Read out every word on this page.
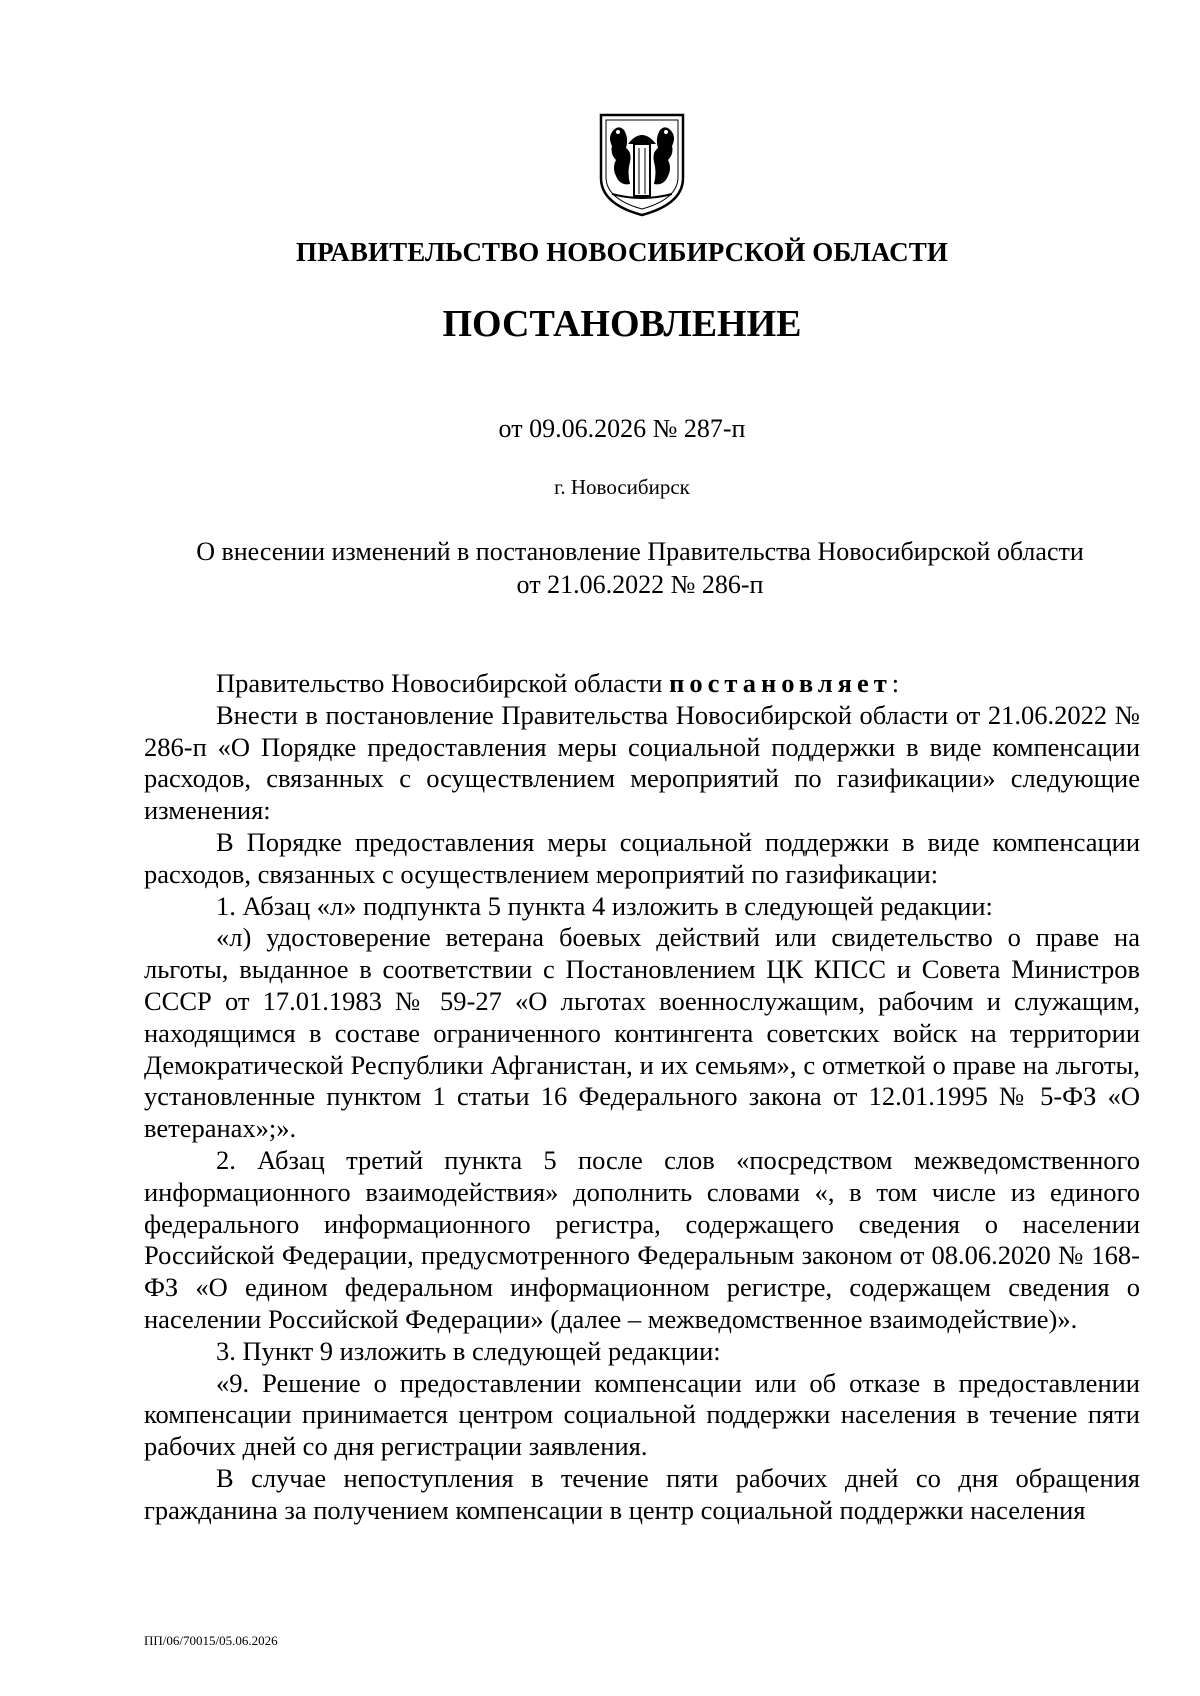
ПРАВИТЕЛЬСТВО НОВОСИБИРСКОЙ ОБЛАСТИ
ПОСТАНОВЛЕНИЕ
от 09.06.2026 № 287-п
г. Новосибирск
О внесении изменений в постановление Правительства Новосибирской области
от 21.06.2022 № 286-п

Правительство Новосибирской области постановляет:

Внести в постановление Правительства Новосибирской области от 21.06.2022 № 286-п «О Порядке предоставления меры социальной поддержки в виде компенсации расходов, связанных с осуществлением мероприятий по газификации» следующие изменения:

В Порядке предоставления меры социальной поддержки в виде компенсации расходов, связанных с осуществлением мероприятий по газификации:

1. Абзац «л» подпункта 5 пункта 4 изложить в следующей редакции:

«л) удостоверение ветерана боевых действий или свидетельство о праве на льготы, выданное в соответствии с Постановлением ЦК КПСС и Совета Министров СССР от 17.01.1983 № 59-27 «О льготах военнослужащим, рабочим и служащим, находящимся в составе ограниченного контингента советских войск на территории Демократической Республики Афганистан, и их семьям», с отметкой о праве на льготы, установленные пунктом 1 статьи 16 Федерального закона от 12.01.1995 № 5-ФЗ «О ветеранах»;».

2. Абзац третий пункта 5 после слов «посредством межведомственного информационного взаимодействия» дополнить словами «, в том числе из единого федерального информационного регистра, содержащего сведения о населении Российской Федерации, предусмотренного Федеральным законом от 08.06.2020 № 168-ФЗ «О едином федеральном информационном регистре, содержащем сведения о населении Российской Федерации» (далее – межведомственное взаимодействие)».

3. Пункт 9 изложить в следующей редакции:

«9. Решение о предоставлении компенсации или об отказе в предоставлении компенсации принимается центром социальной поддержки населения в течение пяти рабочих дней со дня регистрации заявления.

В случае непоступления в течение пяти рабочих дней со дня обращения гражданина за получением компенсации в центр социальной поддержки населения

ПП/06/70015/05.06.2026
